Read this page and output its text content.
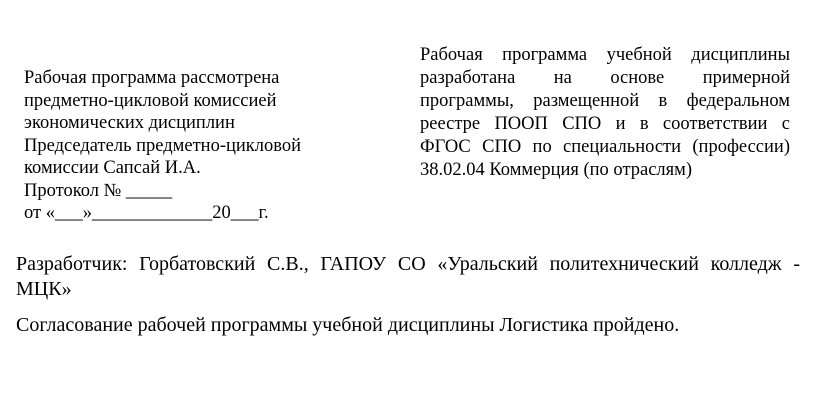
Рабочая программа рассмотрена
предметно-цикловой комиссией
экономических дисциплин
Председатель предметно-цикловой
комиссии Сапсай И.А.
Протокол № _____
от «___»_____________20___г.
Рабочая программа учебной дисциплины
разработана на основе примерной
программы, размещенной в федеральном
реестре ПООП СПО и в соответствии с
ФГОС СПО по специальности (профессии)
38.02.04 Коммерция (по отраслям)
Разработчик: Горбатовский С.В., ГАПОУ СО «Уральский политехнический колледж -
МЦК»
Согласование рабочей программы учебной дисциплины Логистика пройдено.
